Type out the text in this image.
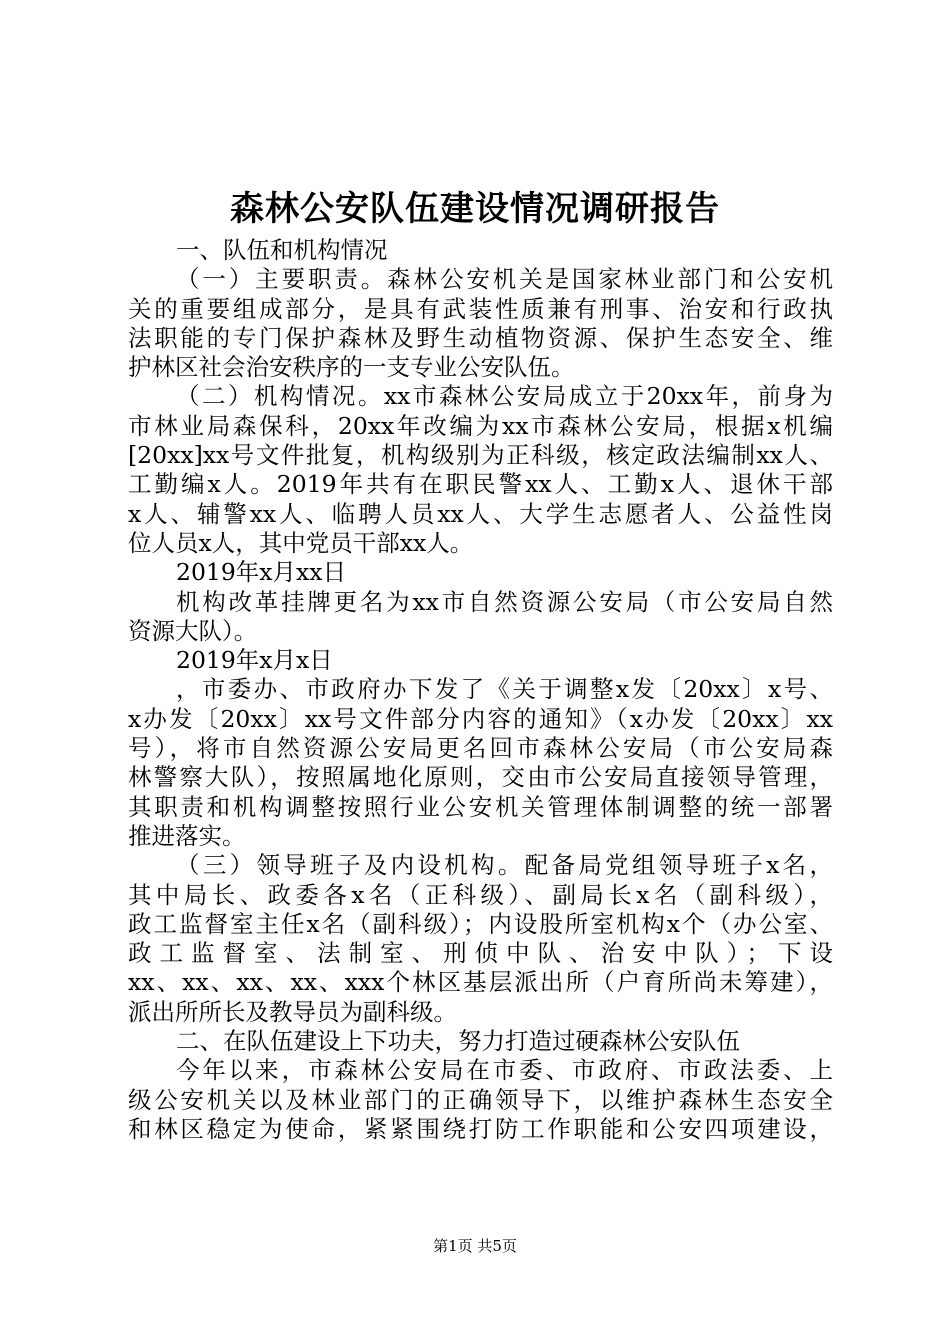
森林公安队伍建设情况调研报告
一、队伍和机构情况
（一）主要职责。森林公安机关是国家林业部门和公安机
关的重要组成部分，是具有武装性质兼有刑事、治安和行政执
法职能的专门保护森林及野生动植物资源、保护生态安全、维
护林区社会治安秩序的一支专业公安队伍。
（二）机构情况。xx市森林公安局成立于20xx年，前身为
市林业局森保科，20xx年改编为xx市森林公安局，根据x机编
[20xx]xx号文件批复，机构级别为正科级，核定政法编制xx人、
工勤编x人。2019年共有在职民警xx人、工勤x人、退休干部
x人、辅警xx人、临聘人员xx人、大学生志愿者人、公益性岗
位人员x人，其中党员干部xx人。
2019年x月xx日
机构改革挂牌更名为xx市自然资源公安局（市公安局自然
资源大队）。
2019年x月x日
，市委办、市政府办下发了《关于调整x发〔20xx〕x号、
x办发〔20xx〕xx号文件部分内容的通知》（x办发〔20xx〕xx
号），将市自然资源公安局更名回市森林公安局（市公安局森
林警察大队），按照属地化原则，交由市公安局直接领导管理，
其职责和机构调整按照行业公安机关管理体制调整的统一部署
推进落实。
（三）领导班子及内设机构。配备局党组领导班子x名，
其中局长、政委各x名（正科级）、副局长x名（副科级），
政工监督室主任x名（副科级）；内设股所室机构x个（办公室、
政工监督室、法制室、刑侦中队、治安中队）；下设
xx、xx、xx、xx、xxx个林区基层派出所（户育所尚未筹建），
派出所所长及教导员为副科级。
二、在队伍建设上下功夫，努力打造过硬森林公安队伍
今年以来，市森林公安局在市委、市政府、市政法委、上
级公安机关以及林业部门的正确领导下，以维护森林生态安全
和林区稳定为使命，紧紧围绕打防工作职能和公安四项建设，
第1页 共5页
